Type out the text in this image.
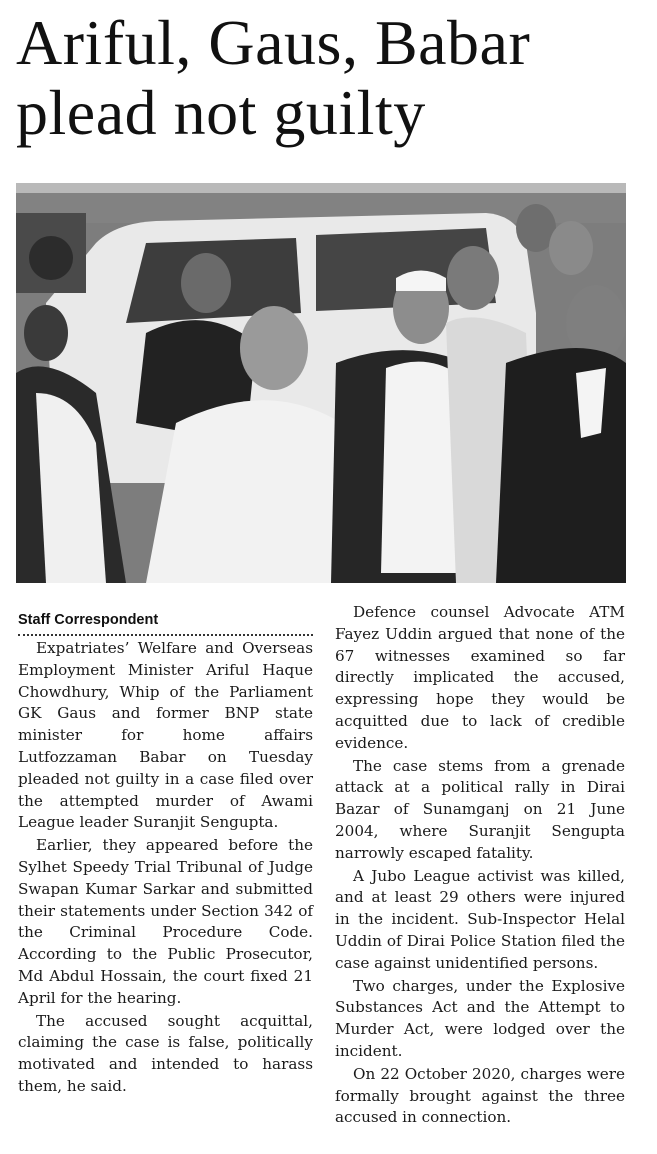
Ariful, Gaus, Babar
plead not guilty
Staff Correspondent

Expatriates’ Welfare and Overseas Employment Minister Ariful Haque Chowdhury, Whip of the Parliament GK Gaus and former BNP state minister for home affairs Lutfozzaman Babar on Tuesday pleaded not guilty in a case filed over the attempted murder of Awami League leader Suranjit Sengupta.

Earlier, they appeared before the Sylhet Speedy Trial Tribunal of Judge Swapan Kumar Sarkar and submitted their statements under Section 342 of the Criminal Procedure Code. According to the Public Prosecutor, Md Abdul Hossain, the court fixed 21 April for the hearing.

The accused sought acquittal, claiming the case is false, politically motivated and intended to harass them, he said.

Defence counsel Advocate ATM Fayez Uddin argued that none of the 67 witnesses examined so far directly implicated the accused, expressing hope they would be acquitted due to lack of credible evidence.

The case stems from a grenade attack at a political rally in Dirai Bazar of Sunamganj on 21 June 2004, where Suranjit Sengupta narrowly escaped fatality.

A Jubo League activist was killed, and at least 29 others were injured in the incident. Sub-Inspector Helal Uddin of Dirai Police Station filed the case against unidentified persons.

Two charges, under the Explosive Substances Act and the Attempt to Murder Act, were lodged over the incident.

On 22 October 2020, charges were formally brought against the three accused in connection.
